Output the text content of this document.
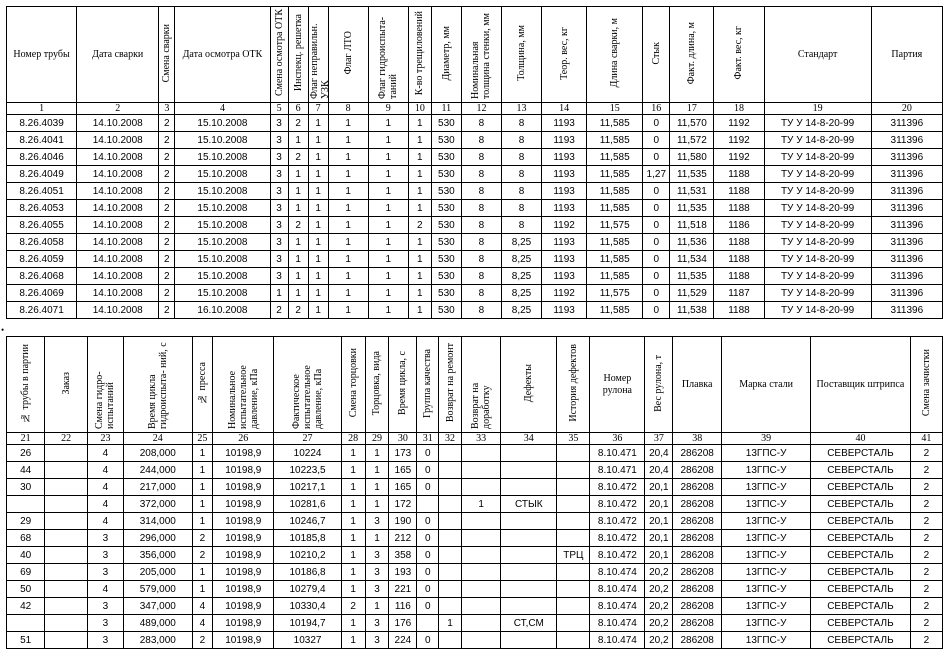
Номер трубы	Дата сварки	Смена сварки	Дата осмотра ОТК	Смена осмотра ОТК	Инспекц. решетка	Флаг неправильн. УЗК	Флаг ЛТО	Флаг гидроиспыта- таний	К-во трещиловений	Диаметр, мм	Номинальная толщина стенки, мм	Толщина, мм	Теор. вес, кг	Длина сварки, м	Стык	Факт. длина, м	Факт. вес, кг	Стандарт	Партия
1	2	3	4	5	6	7	8	9	10	11	12	13	14	15	16	17	18	19	20
8.26.4039	14.10.2008	2	15.10.2008	3	2	1	1	1	1	530	8	8	1193	11,585	0	11,570	1192	ТУ У 14-8-20-99	311396
8.26.4041	14.10.2008	2	15.10.2008	3	1	1	1	1	1	530	8	8	1193	11,585	0	11,572	1192	ТУ У 14-8-20-99	311396
8.26.4046	14.10.2008	2	15.10.2008	3	2	1	1	1	1	530	8	8	1193	11,585	0	11,580	1192	ТУ У 14-8-20-99	311396
8.26.4049	14.10.2008	2	15.10.2008	3	1	1	1	1	1	530	8	8	1193	11,585	1,27	11,535	1188	ТУ У 14-8-20-99	311396
8.26.4051	14.10.2008	2	15.10.2008	3	1	1	1	1	1	530	8	8	1193	11,585	0	11,531	1188	ТУ У 14-8-20-99	311396
8.26.4053	14.10.2008	2	15.10.2008	3	1	1	1	1	1	530	8	8	1193	11,585	0	11,535	1188	ТУ У 14-8-20-99	311396
8.26.4055	14.10.2008	2	15.10.2008	3	2	1	1	1	2	530	8	8	1192	11,575	0	11,518	1186	ТУ У 14-8-20-99	311396
8.26.4058	14.10.2008	2	15.10.2008	3	1	1	1	1	1	530	8	8,25	1193	11,585	0	11,536	1188	ТУ У 14-8-20-99	311396
8.26.4059	14.10.2008	2	15.10.2008	3	1	1	1	1	1	530	8	8,25	1193	11,585	0	11,534	1188	ТУ У 14-8-20-99	311396
8.26.4068	14.10.2008	2	15.10.2008	3	1	1	1	1	1	530	8	8,25	1193	11,585	0	11,535	1188	ТУ У 14-8-20-99	311396
8.26.4069	14.10.2008	2	15.10.2008	1	1	1	1	1	1	530	8	8,25	1192	11,575	0	11,529	1187	ТУ У 14-8-20-99	311396
8.26.4071	14.10.2008	2	16.10.2008	2	2	1	1	1	1	530	8	8,25	1193	11,585	0	11,538	1188	ТУ У 14-8-20-99	311396
•
№ трубы в партии	Заказ	Смена гидро- испытаний	Время цикла гидроиспыта- ний, с	№ пресса	Номинальное испытательное давление, кПа	Фактическое испытательное давление, кПа	Смена торцовки	Торцовка, вида	Время цикла, с	Группа качества	Возврат на ремонт	Возврат на доработку	Дефекты	История дефектов	Номер рулона	Вес рулона, т	Плавка	Марка стали	Поставщик штрипса	Смена зачистки
21	22	23	24	25	26	27	28	29	30	31	32	33	34	35	36	37	38	39	40	41
26		4	208,000	1	10198,9	10224	1	1	173	0					8.10.471	20,4	286208	13ГПС-У	СЕВЕРСТАЛЬ	2
44		4	244,000	1	10198,9	10223,5	1	1	165	0					8.10.471	20,4	286208	13ГПС-У	СЕВЕРСТАЛЬ	2
30		4	217,000	1	10198,9	10217,1	1	1	165	0					8.10.472	20,1	286208	13ГПС-У	СЕВЕРСТАЛЬ	2
		4	372,000	1	10198,9	10281,6	1	1	172			1	СТЫК		8.10.472	20,1	286208	13ГПС-У	СЕВЕРСТАЛЬ	2
29		4	314,000	1	10198,9	10246,7	1	3	190	0					8.10.472	20,1	286208	13ГПС-У	СЕВЕРСТАЛЬ	2
68		3	296,000	2	10198,9	10185,8	1	1	212	0					8.10.472	20,1	286208	13ГПС-У	СЕВЕРСТАЛЬ	2
40		3	356,000	2	10198,9	10210,2	1	3	358	0				ТРЦ	8.10.472	20,1	286208	13ГПС-У	СЕВЕРСТАЛЬ	2
69		3	205,000	1	10198,9	10186,8	1	3	193	0					8.10.474	20,2	286208	13ГПС-У	СЕВЕРСТАЛЬ	2
50		4	579,000	1	10198,9	10279,4	1	3	221	0					8.10.474	20,2	286208	13ГПС-У	СЕВЕРСТАЛЬ	2
42		3	347,000	4	10198,9	10330,4	2	1	116	0					8.10.474	20,2	286208	13ГПС-У	СЕВЕРСТАЛЬ	2
		3	489,000	4	10198,9	10194,7	1	3	176		1		СТ,СМ		8.10.474	20,2	286208	13ГПС-У	СЕВЕРСТАЛЬ	2
51		3	283,000	2	10198,9	10327	1	3	224	0					8.10.474	20,2	286208	13ГПС-У	СЕВЕРСТАЛЬ	2
